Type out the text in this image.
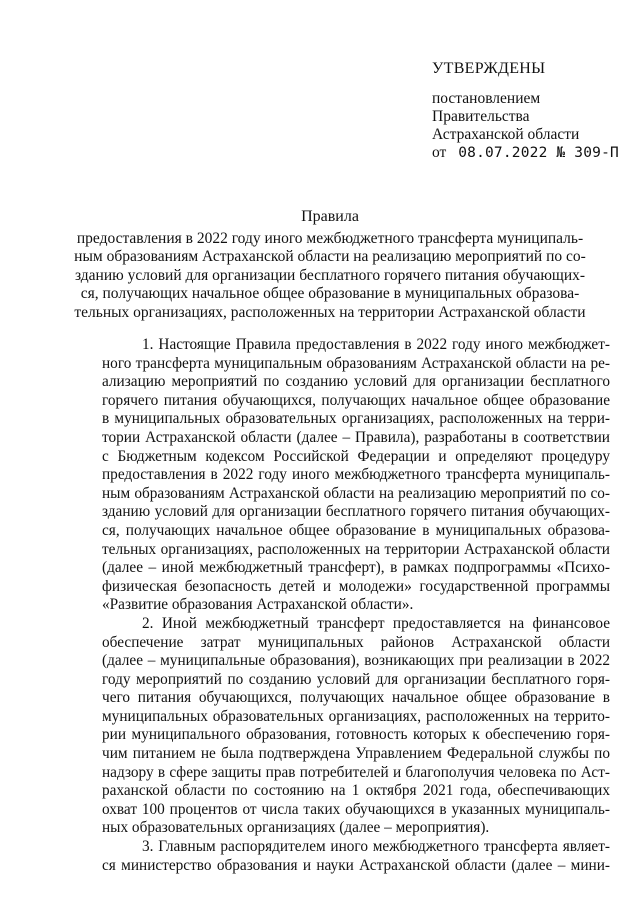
УТВЕРЖДЕНЫ
постановлением
Правительства
Астраханской области
от 08.07.2022 № 309-П
Правила
предоставления в 2022 году иного межбюджетного трансферта муниципаль-
ным образованиям Астраханской области на реализацию мероприятий по со-
зданию условий для организации бесплатного горячего питания обучающих-
ся, получающих начальное общее образование в муниципальных образова-
тельных организациях, расположенных на территории Астраханской области
1. Настоящие Правила предоставления в 2022 году иного межбюджет-
ного трансферта муниципальным образованиям Астраханской области на ре-
ализацию мероприятий по созданию условий для организации бесплатного
горячего питания обучающихся, получающих начальное общее образование
в муниципальных образовательных организациях, расположенных на терри-
тории Астраханской области (далее – Правила), разработаны в соответствии
с Бюджетным кодексом Российской Федерации и определяют процедуру
предоставления в 2022 году иного межбюджетного трансферта муниципаль-
ным образованиям Астраханской области на реализацию мероприятий по со-
зданию условий для организации бесплатного горячего питания обучающих-
ся, получающих начальное общее образование в муниципальных образова-
тельных организациях, расположенных на территории Астраханской области
(далее – иной межбюджетный трансферт), в рамках подпрограммы «Психо-
физическая безопасность детей и молодежи» государственной программы
«Развитие образования Астраханской области».
2. Иной межбюджетный трансферт предоставляется на финансовое
обеспечение затрат муниципальных районов Астраханской области
(далее – муниципальные образования), возникающих при реализации в 2022
году мероприятий по созданию условий для организации бесплатного горя-
чего питания обучающихся, получающих начальное общее образование в
муниципальных образовательных организациях, расположенных на террито-
рии муниципального образования, готовность которых к обеспечению горя-
чим питанием не была подтверждена Управлением Федеральной службы по
надзору в сфере защиты прав потребителей и благополучия человека по Аст-
раханской области по состоянию на 1 октября 2021 года, обеспечивающих
охват 100 процентов от числа таких обучающихся в указанных муниципаль-
ных образовательных организациях (далее – мероприятия).
3. Главным распорядителем иного межбюджетного трансферта являет-
ся министерство образования и науки Астраханской области (далее – мини-
